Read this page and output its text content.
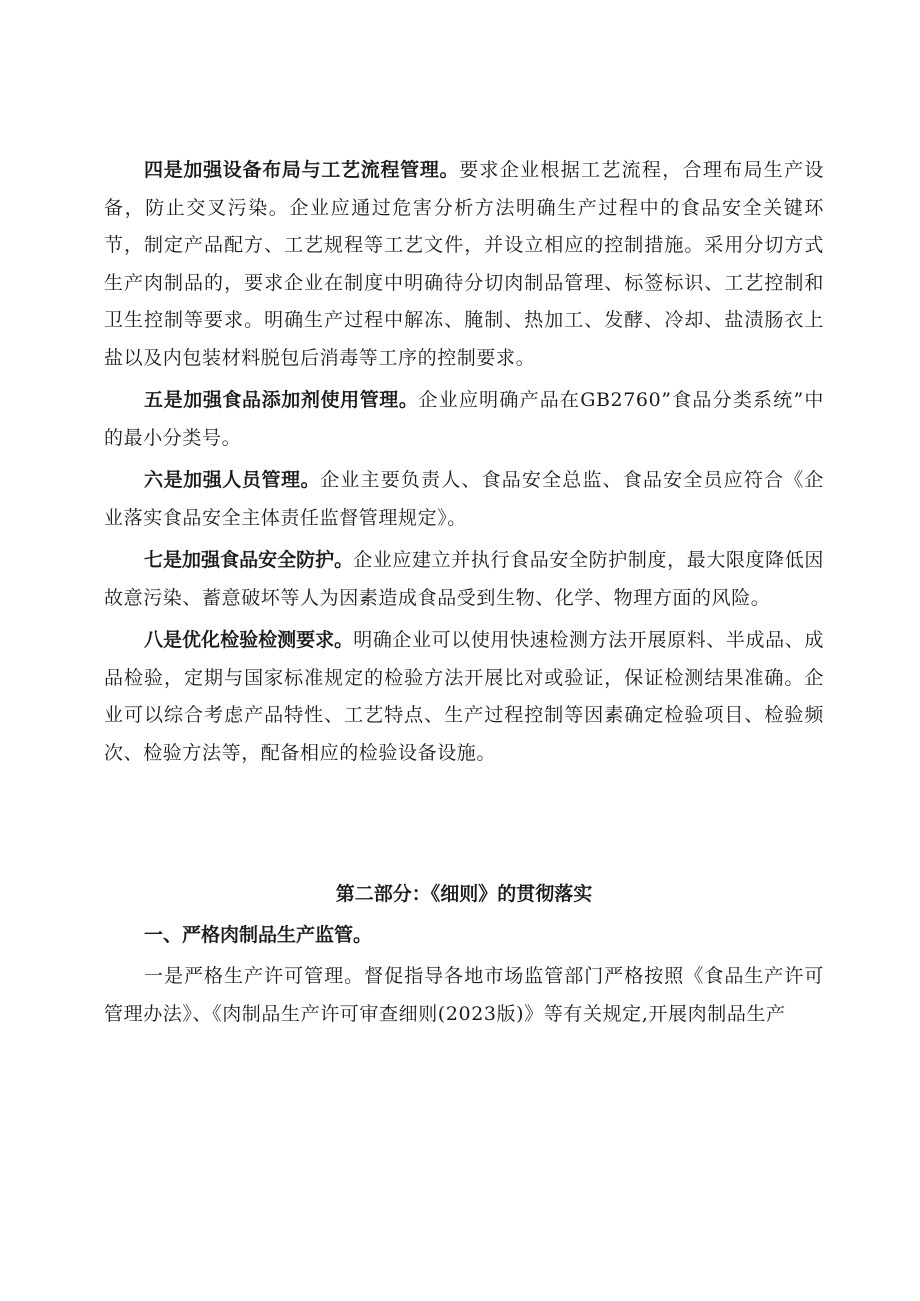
四是加强设备布局与工艺流程管理。要求企业根据工艺流程，合理布局生产设备，防止交叉污染。企业应通过危害分析方法明确生产过程中的食品安全关键环节，制定产品配方、工艺规程等工艺文件，并设立相应的控制措施。采用分切方式生产肉制品的，要求企业在制度中明确待分切肉制品管理、标签标识、工艺控制和卫生控制等要求。明确生产过程中解冻、腌制、热加工、发酵、冷却、盐渍肠衣上盐以及内包装材料脱包后消毒等工序的控制要求。

五是加强食品添加剂使用管理。企业应明确产品在GB2760”食品分类系统”中的最小分类号。

六是加强人员管理。企业主要负责人、食品安全总监、食品安全员应符合《企业落实食品安全主体责任监督管理规定》。

七是加强食品安全防护。企业应建立并执行食品安全防护制度，最大限度降低因故意污染、蓄意破坏等人为因素造成食品受到生物、化学、物理方面的风险。

八是优化检验检测要求。明确企业可以使用快速检测方法开展原料、半成品、成品检验，定期与国家标准规定的检验方法开展比对或验证，保证检测结果准确。企业可以综合考虑产品特性、工艺特点、生产过程控制等因素确定检验项目、检验频次、检验方法等，配备相应的检验设备设施。

第二部分：《细则》的贯彻落实
一、严格肉制品生产监管。

一是严格生产许可管理。督促指导各地市场监管部门严格按照《食品生产许可管理办法》、《肉制品生产许可审查细则(2023版)》等有关规定,开展肉制品生产
